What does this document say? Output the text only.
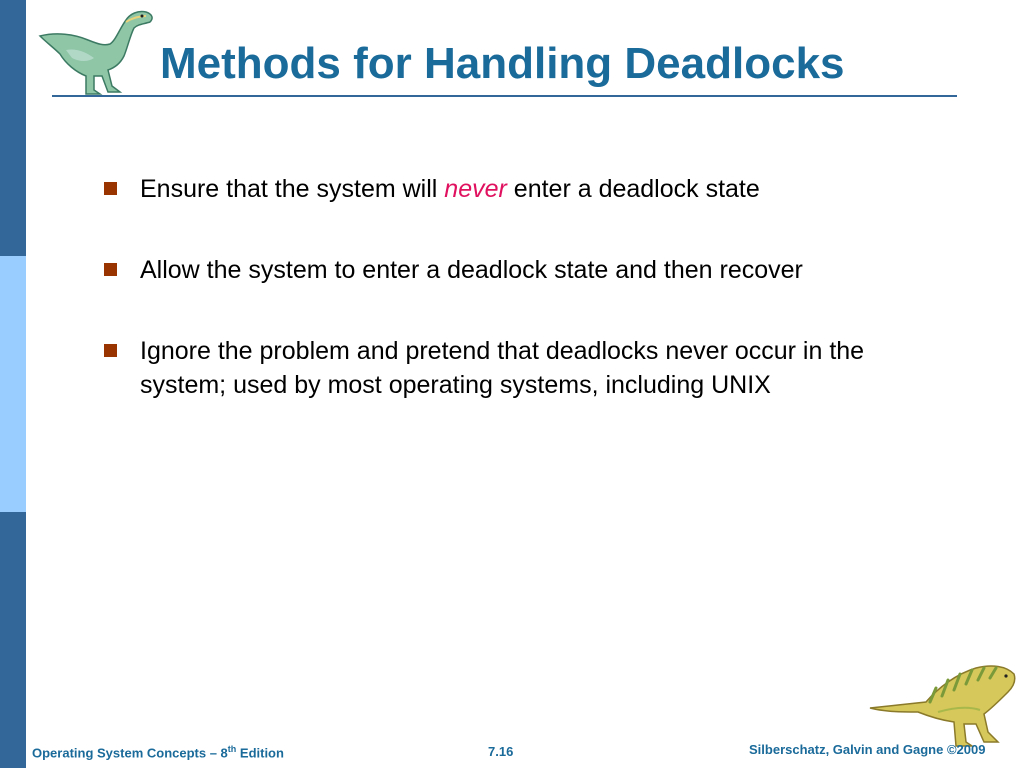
Methods for Handling Deadlocks
Ensure that the system will never enter a deadlock state
Allow the system to enter a deadlock state and then recover
Ignore the problem and pretend that deadlocks never occur in the system; used by most operating systems, including UNIX
Operating System Concepts – 8th Edition	7.16	Silberschatz, Galvin and Gagne ©2009
